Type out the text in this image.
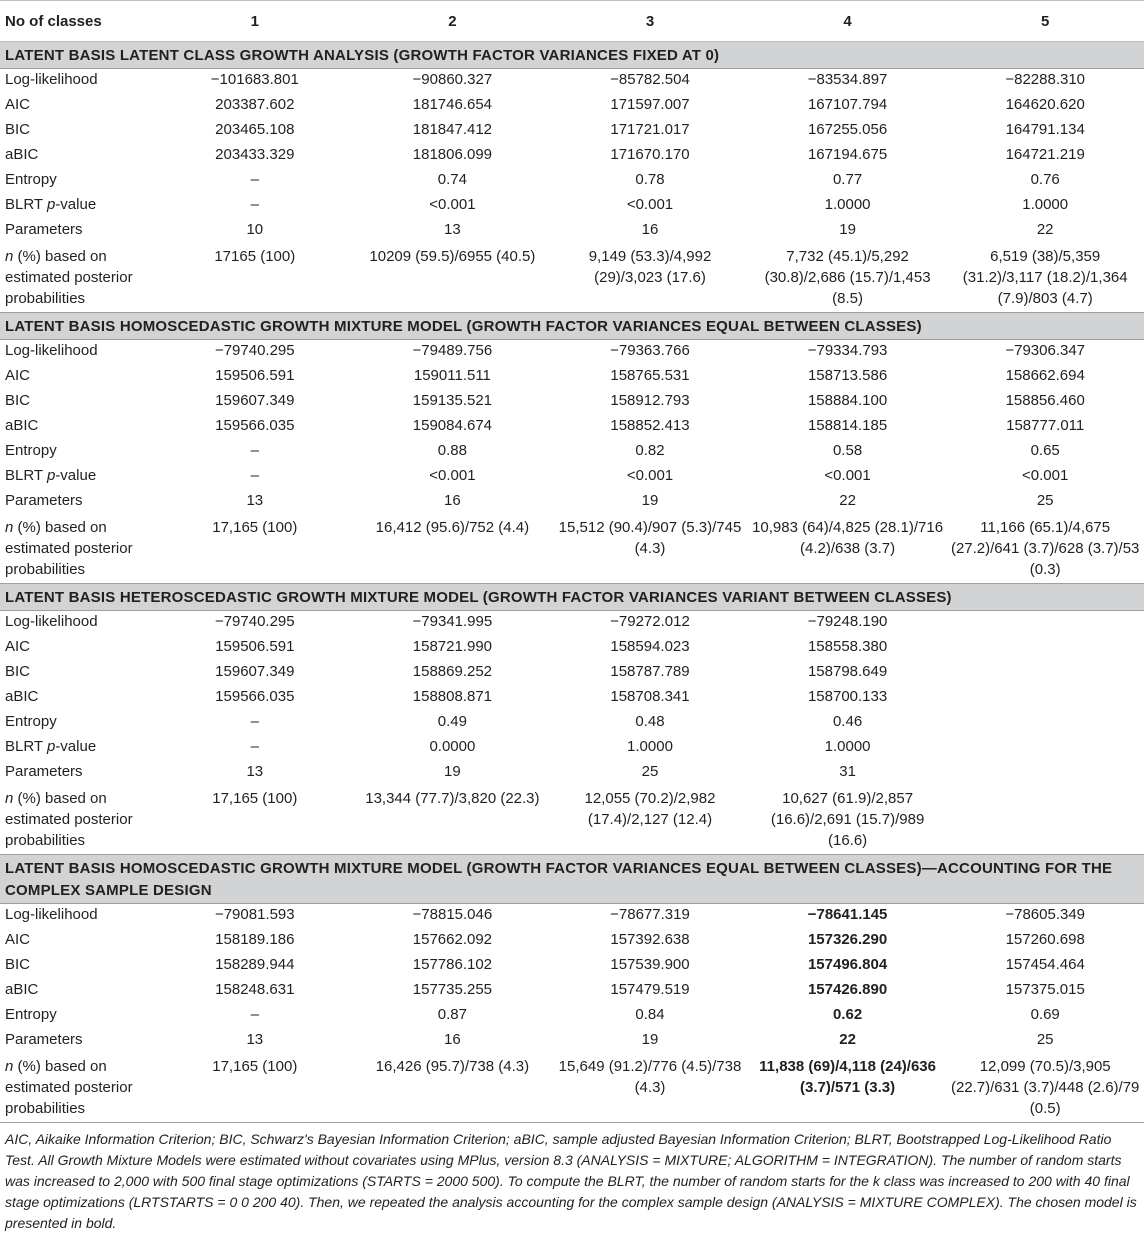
No of classes	1	2	3	4	5
LATENT BASIS LATENT CLASS GROWTH ANALYSIS (GROWTH FACTOR VARIANCES FIXED AT 0)					
Log-likelihood	−101683.801	−90860.327	−85782.504	−83534.897	−82288.310
AIC	203387.602	181746.654	171597.007	167107.794	164620.620
BIC	203465.108	181847.412	171721.017	167255.056	164791.134
aBIC	203433.329	181806.099	171670.170	167194.675	164721.219
Entropy	–	0.74	0.78	0.77	0.76
BLRT p-value	–	<0.001	<0.001	1.0000	1.0000
Parameters	10	13	16	19	22
n (%) based on estimated posterior probabilities	17165 (100)	10209 (59.5)/6955 (40.5)	9,149 (53.3)/4,992 (29)/3,023 (17.6)	7,732 (45.1)/5,292 (30.8)/2,686 (15.7)/1,453 (8.5)	6,519 (38)/5,359 (31.2)/3,117 (18.2)/1,364 (7.9)/803 (4.7)
LATENT BASIS HOMOSCEDASTIC GROWTH MIXTURE MODEL (GROWTH FACTOR VARIANCES EQUAL BETWEEN CLASSES)					
Log-likelihood	−79740.295	−79489.756	−79363.766	−79334.793	−79306.347
AIC	159506.591	159011.511	158765.531	158713.586	158662.694
BIC	159607.349	159135.521	158912.793	158884.100	158856.460
aBIC	159566.035	159084.674	158852.413	158814.185	158777.011
Entropy	–	0.88	0.82	0.58	0.65
BLRT p-value	–	<0.001	<0.001	<0.001	<0.001
Parameters	13	16	19	22	25
n (%) based on estimated posterior probabilities	17,165 (100)	16,412 (95.6)/752 (4.4)	15,512 (90.4)/907 (5.3)/745 (4.3)	10,983 (64)/4,825 (28.1)/716 (4.2)/638 (3.7)	11,166 (65.1)/4,675 (27.2)/641 (3.7)/628 (3.7)/53 (0.3)
LATENT BASIS HETEROSCEDASTIC GROWTH MIXTURE MODEL (GROWTH FACTOR VARIANCES VARIANT BETWEEN CLASSES)					
Log-likelihood	−79740.295	−79341.995	−79272.012	−79248.190	
AIC	159506.591	158721.990	158594.023	158558.380	
BIC	159607.349	158869.252	158787.789	158798.649	
aBIC	159566.035	158808.871	158708.341	158700.133	
Entropy	–	0.49	0.48	0.46	
BLRT p-value	–	0.0000	1.0000	1.0000	
Parameters	13	19	25	31	
n (%) based on estimated posterior probabilities	17,165 (100)	13,344 (77.7)/3,820 (22.3)	12,055 (70.2)/2,982 (17.4)/2,127 (12.4)	10,627 (61.9)/2,857 (16.6)/2,691 (15.7)/989 (16.6)	
LATENT BASIS HOMOSCEDASTIC GROWTH MIXTURE MODEL (GROWTH FACTOR VARIANCES EQUAL BETWEEN CLASSES)—ACCOUNTING FOR THE COMPLEX SAMPLE DESIGN					
Log-likelihood	−79081.593	−78815.046	−78677.319	−78641.145	−78605.349
AIC	158189.186	157662.092	157392.638	157326.290	157260.698
BIC	158289.944	157786.102	157539.900	157496.804	157454.464
aBIC	158248.631	157735.255	157479.519	157426.890	157375.015
Entropy	–	0.87	0.84	0.62	0.69
Parameters	13	16	19	22	25
n (%) based on estimated posterior probabilities	17,165 (100)	16,426 (95.7)/738 (4.3)	15,649 (91.2)/776 (4.5)/738 (4.3)	11,838 (69)/4,118 (24)/636 (3.7)/571 (3.3)	12,099 (70.5)/3,905 (22.7)/631 (3.7)/448 (2.6)/79 (0.5)
AIC, Aikaike Information Criterion; BIC, Schwarz's Bayesian Information Criterion; aBIC, sample adjusted Bayesian Information Criterion; BLRT, Bootstrapped Log-Likelihood Ratio Test. All Growth Mixture Models were estimated without covariates using MPlus, version 8.3 (ANALYSIS = MIXTURE; ALGORITHM = INTEGRATION). The number of random starts was increased to 2,000 with 500 final stage optimizations (STARTS = 2000 500). To compute the BLRT, the number of random starts for the k class was increased to 200 with 40 final stage optimizations (LRTSTARTS = 0 0 200 40). Then, we repeated the analysis accounting for the complex sample design (ANALYSIS = MIXTURE COMPLEX). The chosen model is presented in bold.
